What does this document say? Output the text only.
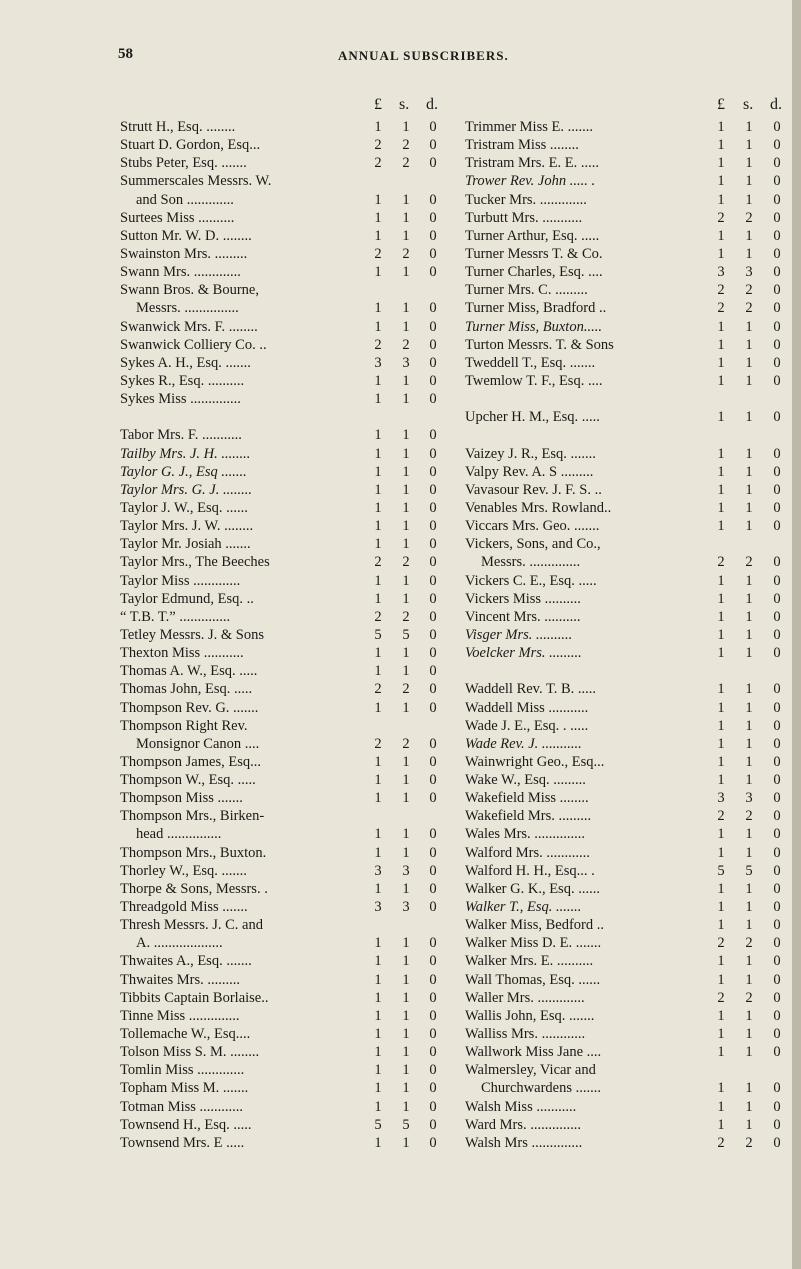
58	ANNUAL SUBSCRIBERS.
£ s. d.
Strutt H., Esq. ........	1 1 0
Stuart D. Gordon, Esq...	2 2 0
Stubs Peter, Esq. .......	2 2 0
Summerscales Messrs. W.
and Son .............	1 1 0
Surtees Miss ..........	1 1 0
Sutton Mr. W. D. ........	1 1 0
Swainston Mrs. .........	2 2 0
Swann Mrs. .............	1 1 0
Swann Bros. & Bourne,
Messrs. ...............	1 1 0
Swanwick Mrs. F. ........	1 1 0
Swanwick Colliery Co. ..	2 2 0
Sykes A. H., Esq. .......	3 3 0
Sykes R., Esq. ..........	1 1 0
Sykes Miss ..............	1 1 0
Tabor Mrs. F. ...........	1 1 0
Tailby Mrs. J. H. ........	1 1 0
Taylor G. J., Esq .......	1 1 0
Taylor Mrs. G. J. ........	1 1 0
Taylor J. W., Esq. ......	1 1 0
Taylor Mrs. J. W. ........	1 1 0
Taylor Mr. Josiah .......	1 1 0
Taylor Mrs., The Beeches	2 2 0
Taylor Miss .............	1 1 0
Taylor Edmund, Esq. ..	1 1 0
“ T.B. T.” ..............	2 2 0
Tetley Messrs. J. & Sons	5 5 0
Thexton Miss ...........	1 1 0
Thomas A. W., Esq. .....	1 1 0
Thomas John, Esq. .....	2 2 0
Thompson Rev. G. .......	1 1 0
Thompson Right Rev.
Monsignor Canon ....	2 2 0
Thompson James, Esq...	1 1 0
Thompson W., Esq. .....	1 1 0
Thompson Miss .......	1 1 0
Thompson Mrs., Birken-
head ...............	1 1 0
Thompson Mrs., Buxton.	1 1 0
Thorley W., Esq. .......	3 3 0
Thorpe & Sons, Messrs. .	1 1 0
Threadgold Miss .......	3 3 0
Thresh Messrs. J. C. and
A. ...................	1 1 0
Thwaites A., Esq. .......	1 1 0
Thwaites Mrs. .........	1 1 0
Tibbits Captain Borlaise..	1 1 0
Tinne Miss ..............	1 1 0
Tollemache W., Esq....	1 1 0
Tolson Miss S. M. ........	1 1 0
Tomlin Miss .............	1 1 0
Topham Miss M. .......	1 1 0
Totman Miss ............	1 1 0
Townsend H., Esq. .....	5 5 0
Townsend Mrs. E .....	1 1 0
£ s. d.
Trimmer Miss E. .......	1 1 0
Tristram Miss ........	1 1 0
Tristram Mrs. E. E. .....	1 1 0
Trower Rev. John ..... .	1 1 0
Tucker Mrs. .............	1 1 0
Turbutt Mrs. ...........	2 2 0
Turner Arthur, Esq. .....	1 1 0
Turner Messrs T. & Co.	1 1 0
Turner Charles, Esq. ....	3 3 0
Turner Mrs. C. .........	2 2 0
Turner Miss, Bradford ..	2 2 0
Turner Miss, Buxton.....	1 1 0
Turton Messrs. T. & Sons	1 1 0
Tweddell T., Esq. .......	1 1 0
Twemlow T. F., Esq. ....	1 1 0
Upcher H. M., Esq. .....	1 1 0
Vaizey J. R., Esq. .......	1 1 0
Valpy Rev. A. S .........	1 1 0
Vavasour Rev. J. F. S. ..	1 1 0
Venables Mrs. Rowland..	1 1 0
Viccars Mrs. Geo. .......	1 1 0
Vickers, Sons, and Co.,
Messrs. ..............	2 2 0
Vickers C. E., Esq. .....	1 1 0
Vickers Miss ..........	1 1 0
Vincent Mrs. ..........	1 1 0
Visger Mrs. ..........	1 1 0
Voelcker Mrs. .........	1 1 0
Waddell Rev. T. B. .....	1 1 0
Waddell Miss ...........	1 1 0
Wade J. E., Esq. . .....	1 1 0
Wade Rev. J. ...........	1 1 0
Wainwright Geo., Esq...	1 1 0
Wake W., Esq. .........	1 1 0
Wakefield Miss ........	3 3 0
Wakefield Mrs. .........	2 2 0
Wales Mrs. ..............	1 1 0
Walford Mrs. ............	1 1 0
Walford H. H., Esq... .	5 5 0
Walker G. K., Esq. ......	1 1 0
Walker T., Esq. .......	1 1 0
Walker Miss, Bedford ..	1 1 0
Walker Miss D. E. .......	2 2 0
Walker Mrs. E. ..........	1 1 0
Wall Thomas, Esq. ......	1 1 0
Waller Mrs. .............	2 2 0
Wallis John, Esq. .......	1 1 0
Walliss Mrs. ............	1 1 0
Wallwork Miss Jane ....	1 1 0
Walmersley, Vicar and
Churchwardens .......	1 1 0
Walsh Miss ...........	1 1 0
Ward Mrs. ..............	1 1 0
Walsh Mrs ..............	2 2 0
